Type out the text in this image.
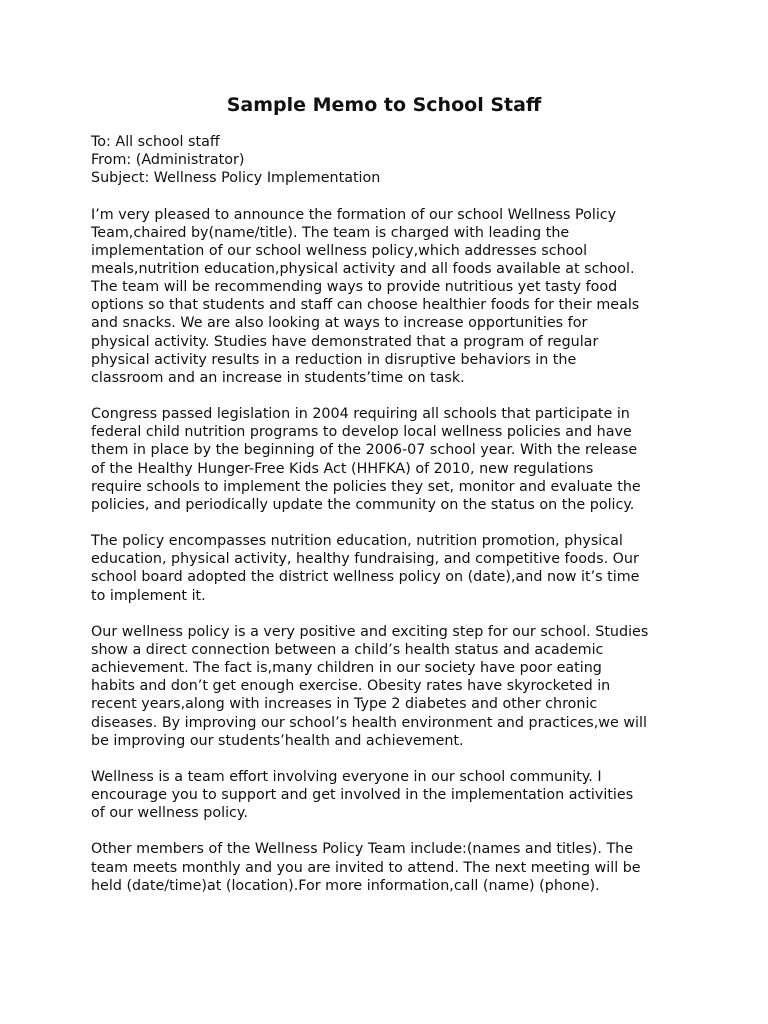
Sample Memo to School Staff
To: All school staff
From: (Administrator)
Subject: Wellness Policy Implementation
I’m very pleased to announce the formation of our school Wellness Policy
Team,chaired by(name/title). The team is charged with leading the
implementation of our school wellness policy,which addresses school
meals,nutrition education,physical activity and all foods available at school.
The team will be recommending ways to provide nutritious yet tasty food
options so that students and staff can choose healthier foods for their meals
and snacks. We are also looking at ways to increase opportunities for
physical activity. Studies have demonstrated that a program of regular
physical activity results in a reduction in disruptive behaviors in the
classroom and an increase in students’time on task.
Congress passed legislation in 2004 requiring all schools that participate in
federal child nutrition programs to develop local wellness policies and have
them in place by the beginning of the 2006-07 school year. With the release
of the Healthy Hunger-Free Kids Act (HHFKA) of 2010, new regulations
require schools to implement the policies they set, monitor and evaluate the
policies, and periodically update the community on the status on the policy.
The policy encompasses nutrition education, nutrition promotion, physical
education, physical activity, healthy fundraising, and competitive foods. Our
school board adopted the district wellness policy on (date),and now it’s time
to implement it.
Our wellness policy is a very positive and exciting step for our school. Studies
show a direct connection between a child’s health status and academic
achievement. The fact is,many children in our society have poor eating
habits and don’t get enough exercise. Obesity rates have skyrocketed in
recent years,along with increases in Type 2 diabetes and other chronic
diseases. By improving our school’s health environment and practices,we will
be improving our students’health and achievement.
Wellness is a team effort involving everyone in our school community. I
encourage you to support and get involved in the implementation activities
of our wellness policy.
Other members of the Wellness Policy Team include:(names and titles). The
team meets monthly and you are invited to attend. The next meeting will be
held (date/time)at (location).For more information,call (name) (phone).
